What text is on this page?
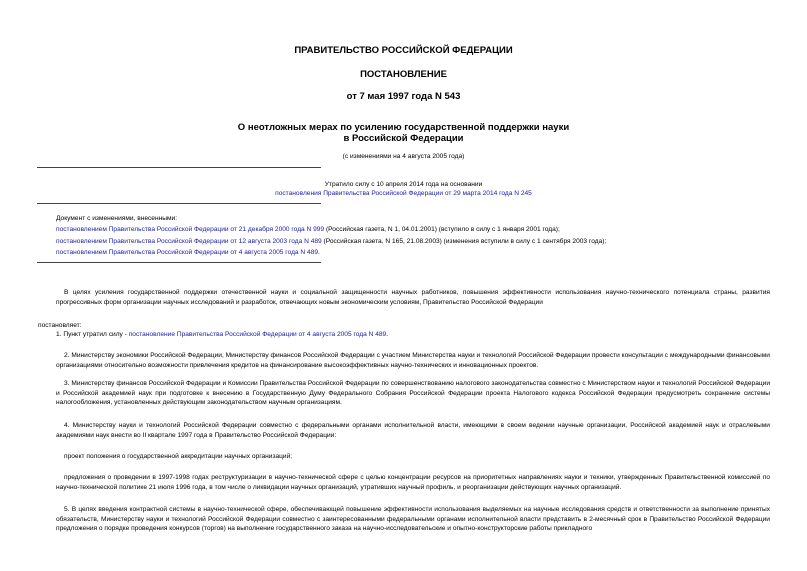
ПРАВИТЕЛЬСТВО РОССИЙСКОЙ ФЕДЕРАЦИИ
ПОСТАНОВЛЕНИЕ
от 7 мая 1997 года N 543
О неотложных мерах по усилению государственной поддержки науки
в Российской Федерации
(с изменениями на 4 августа 2005 года)
Утратило силу с 10 апреля 2014 года на основании
постановления Правительства Российской Федерации от 29 марта 2014 года N 245
Документ с изменениями, внесенными:
постановлением Правительства Российской Федерации от 21 декабря 2000 года N 999 (Российская газета, N 1, 04.01.2001) (вступило в силу с 1 января 2001 года);
постановлением Правительства Российской Федерации от 12 августа 2003 года N 489 (Российская газета, N 165, 21.08.2003) (изменения вступили в силу с 1 сентября 2003 года);
постановлением Правительства Российской Федерации от 4 августа 2005 года N 489.
В целях усиления государственной поддержки отечественной науки и социальной защищенности научных работников, повышения эффективности использования научно-технического потенциала страны, развития прогрессивных форм организации научных исследований и разработок, отвечающих новым экономическим условиям, Правительство Российской Федерации
постановляет:
1. Пункт утратил силу - постановление Правительства Российской Федерации от 4 августа 2005 года N 489.
2. Министерству экономики Российской Федерации, Министерству финансов Российской Федерации с участием Министерства науки и технологий Российской Федерации провести консультации с международными финансовыми организациями относительно возможности привлечения кредитов на финансирование высокоэффективных научно-технических и инновационных проектов.
3. Министерству финансов Российской Федерации и Комиссии Правительства Российской Федерации по совершенствованию налогового законодательства совместно с Министерством науки и технологий Российской Федерации и Российской академией наук при подготовке к внесению в Государственную Думу Федерального Собрания Российской Федерации проекта Налогового кодекса Российской Федерации предусмотреть сохранение системы налогообложения, установленных действующим законодательством научным организациям.
4. Министерству науки и технологий Российской Федерации совместно с федеральными органами исполнительной власти, имеющими в своем ведении научные организации, Российской академией наук и отраслевыми академиями наук внести во II квартале 1997 года в Правительство Российской Федерации:
проект положения о государственной аккредитации научных организаций;
предложения о проведении в 1997-1998 годах реструктуризации в научно-технической сфере с целью концентрации ресурсов на приоритетных направлениях науки и техники, утвержденных Правительственной комиссией по научно-технической политике 21 июля 1996 года, в том числе о ликвидации научных организаций, утративших научный профиль, и реорганизации действующих научных организаций.
5. В целях введения контрактной системы в научно-технической сфере, обеспечивающей повышение эффективности использования выделяемых на научные исследования средств и ответственности за выполнение принятых обязательств, Министерству науки и технологий Российской Федерации совместно с заинтересованными федеральными органами исполнительной власти представить в 2-месячный срок в Правительство Российской Федерации предложения о порядке проведения конкурсов (торгов) на выполнение государственного заказа на научно-исследовательские и опытно-конструкторские работы прикладного
